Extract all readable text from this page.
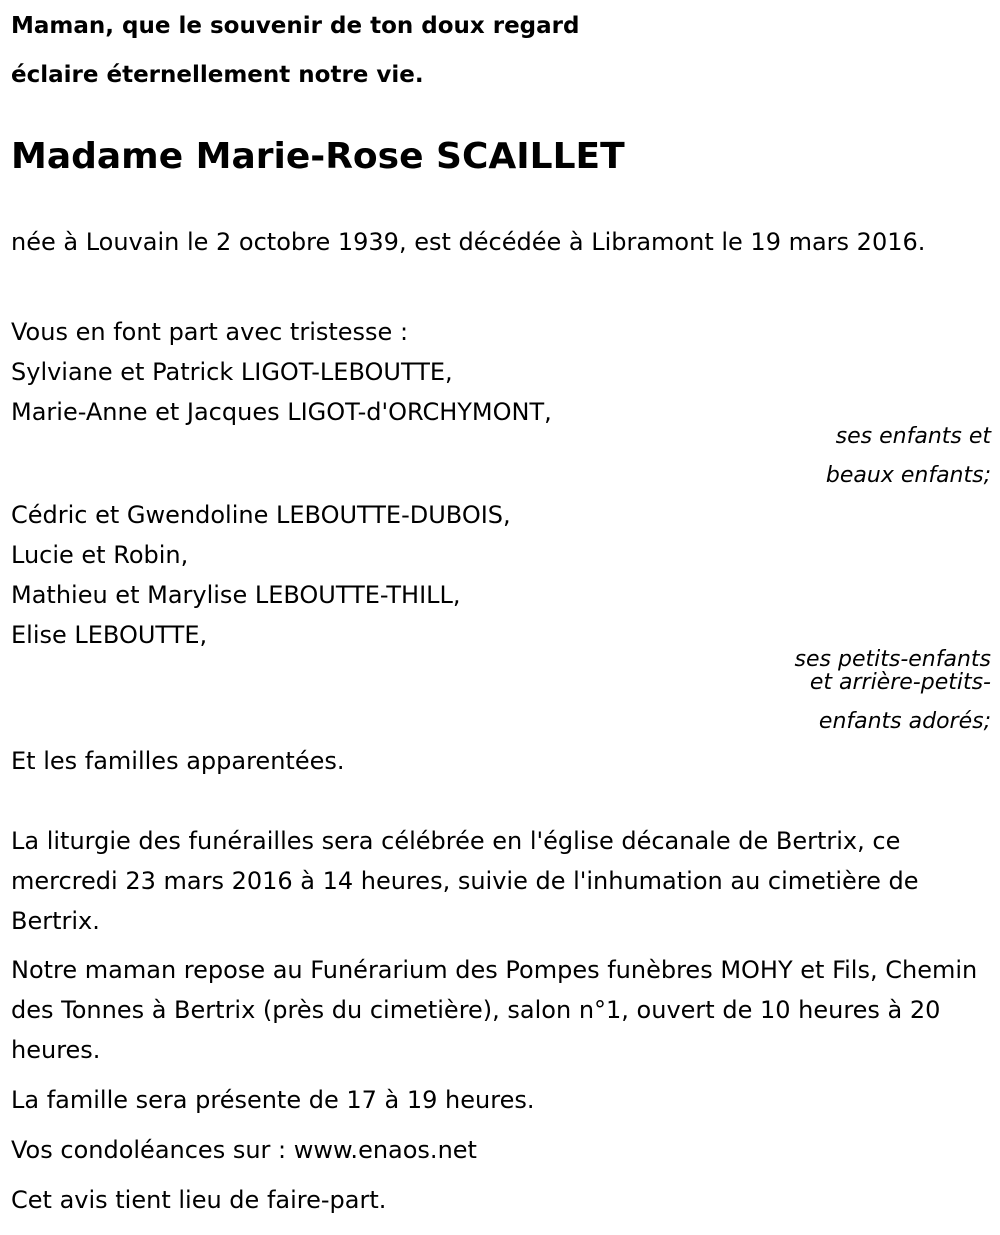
Maman, que le souvenir de ton doux regard

éclaire éternellement notre vie.

Madame Marie-Rose SCAILLET

née à Louvain le 2 octobre 1939, est décédée à Libramont le 19 mars 2016.

Vous en font part avec tristesse :

Sylviane et Patrick LIGOT-LEBOUTTE,

Marie-Anne et Jacques LIGOT-d'ORCHYMONT,

ses enfants et
beaux enfants;

Cédric et Gwendoline LEBOUTTE-DUBOIS,

Lucie et Robin,

Mathieu et Marylise LEBOUTTE-THILL,

Elise LEBOUTTE,

ses petits-enfants
et arrière-petits-
enfants adorés;

Et les familles apparentées.

La liturgie des funérailles sera célébrée en l'église décanale de Bertrix, ce mercredi 23 mars 2016 à 14 heures, suivie de l'inhumation au cimetière de Bertrix.

Notre maman repose au Funérarium des Pompes funèbres MOHY et Fils, Chemin des Tonnes à Bertrix (près du cimetière), salon n°1, ouvert de 10 heures à 20 heures.

La famille sera présente de 17 à 19 heures.

Vos condoléances sur : www.enaos.net

Cet avis tient lieu de faire-part.
